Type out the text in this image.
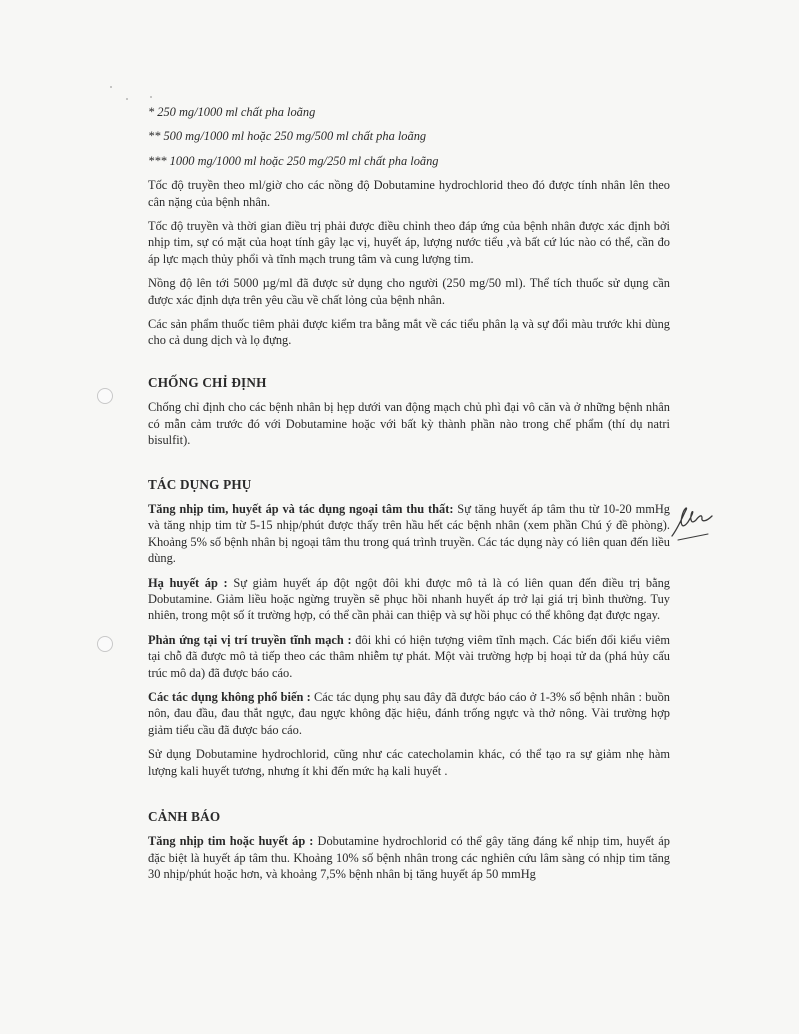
* 250 mg/1000 ml chất pha loãng
** 500 mg/1000 ml hoặc 250 mg/500 ml chất pha loãng
*** 1000 mg/1000 ml hoặc 250 mg/250 ml chất pha loãng

Tốc độ truyền theo ml/giờ cho các nồng độ Dobutamine hydrochlorid theo đó được tính nhân lên theo cân nặng của bệnh nhân.

Tốc độ truyền và thời gian điều trị phải được điều chỉnh theo đáp ứng của bệnh nhân được xác định bởi nhịp tim, sự có mặt của hoạt tính gây lạc vị, huyết áp, lượng nước tiểu ,và bất cứ lúc nào có thể, cần đo áp lực mạch thủy phổi và tĩnh mạch trung tâm và cung lượng tim.

Nồng độ lên tới 5000 µg/ml đã được sử dụng cho người (250 mg/50 ml). Thể tích thuốc sử dụng cần được xác định dựa trên yêu cầu về chất lỏng của bệnh nhân.

Các sản phẩm thuốc tiêm phải được kiểm tra bằng mắt về các tiểu phân lạ và sự đổi màu trước khi dùng cho cả dung dịch và lọ đựng.

CHỐNG CHỈ ĐỊNH

Chống chỉ định cho các bệnh nhân bị hẹp dưới van động mạch chủ phì đại vô căn và ở những bệnh nhân có mẫn cảm trước đó với Dobutamine hoặc với bất kỳ thành phần nào trong chế phẩm (thí dụ natri bisulfit).

TÁC DỤNG PHỤ

Tăng nhịp tim, huyết áp và tác dụng ngoại tâm thu thất: Sự tăng huyết áp tâm thu từ 10-20 mmHg và tăng nhịp tim từ 5-15 nhịp/phút được thấy trên hầu hết các bệnh nhân (xem phần Chú ý đề phòng). Khoảng 5% số bệnh nhân bị ngoại tâm thu trong quá trình truyền. Các tác dụng này có liên quan đến liều dùng.

Hạ huyết áp : Sự giảm huyết áp đột ngột đôi khi được mô tả là có liên quan đến điều trị bằng Dobutamine. Giảm liều hoặc ngừng truyền sẽ phục hồi nhanh huyết áp trở lại giá trị bình thường. Tuy nhiên, trong một số ít trường hợp, có thể cần phải can thiệp và sự hồi phục có thể không đạt được ngay.

Phản ứng tại vị trí truyền tĩnh mạch : đôi khi có hiện tượng viêm tĩnh mạch. Các biến đổi kiểu viêm tại chỗ đã được mô tả tiếp theo các thâm nhiễm tự phát. Một vài trường hợp bị hoại tử da (phá hủy cấu trúc mô da) đã được báo cáo.

Các tác dụng không phổ biến : Các tác dụng phụ sau đây đã được báo cáo ở 1-3% số bệnh nhân : buồn nôn, đau đầu, đau thắt ngực, đau ngực không đặc hiệu, đánh trống ngực và thở nông. Vài trường hợp giảm tiểu cầu đã được báo cáo.

Sử dụng Dobutamine hydrochlorid, cũng như các catecholamin khác, có thể tạo ra sự giảm nhẹ hàm lượng kali huyết tương, nhưng ít khi đến mức hạ kali huyết .

CẢNH BÁO

Tăng nhịp tim hoặc huyết áp : Dobutamine hydrochlorid có thể gây tăng đáng kể nhịp tim, huyết áp đặc biệt là huyết áp tâm thu. Khoảng 10% số bệnh nhân trong các nghiên cứu lâm sàng có nhịp tim tăng 30 nhịp/phút hoặc hơn, và khoảng 7,5% bệnh nhân bị tăng huyết áp 50 mmHg
